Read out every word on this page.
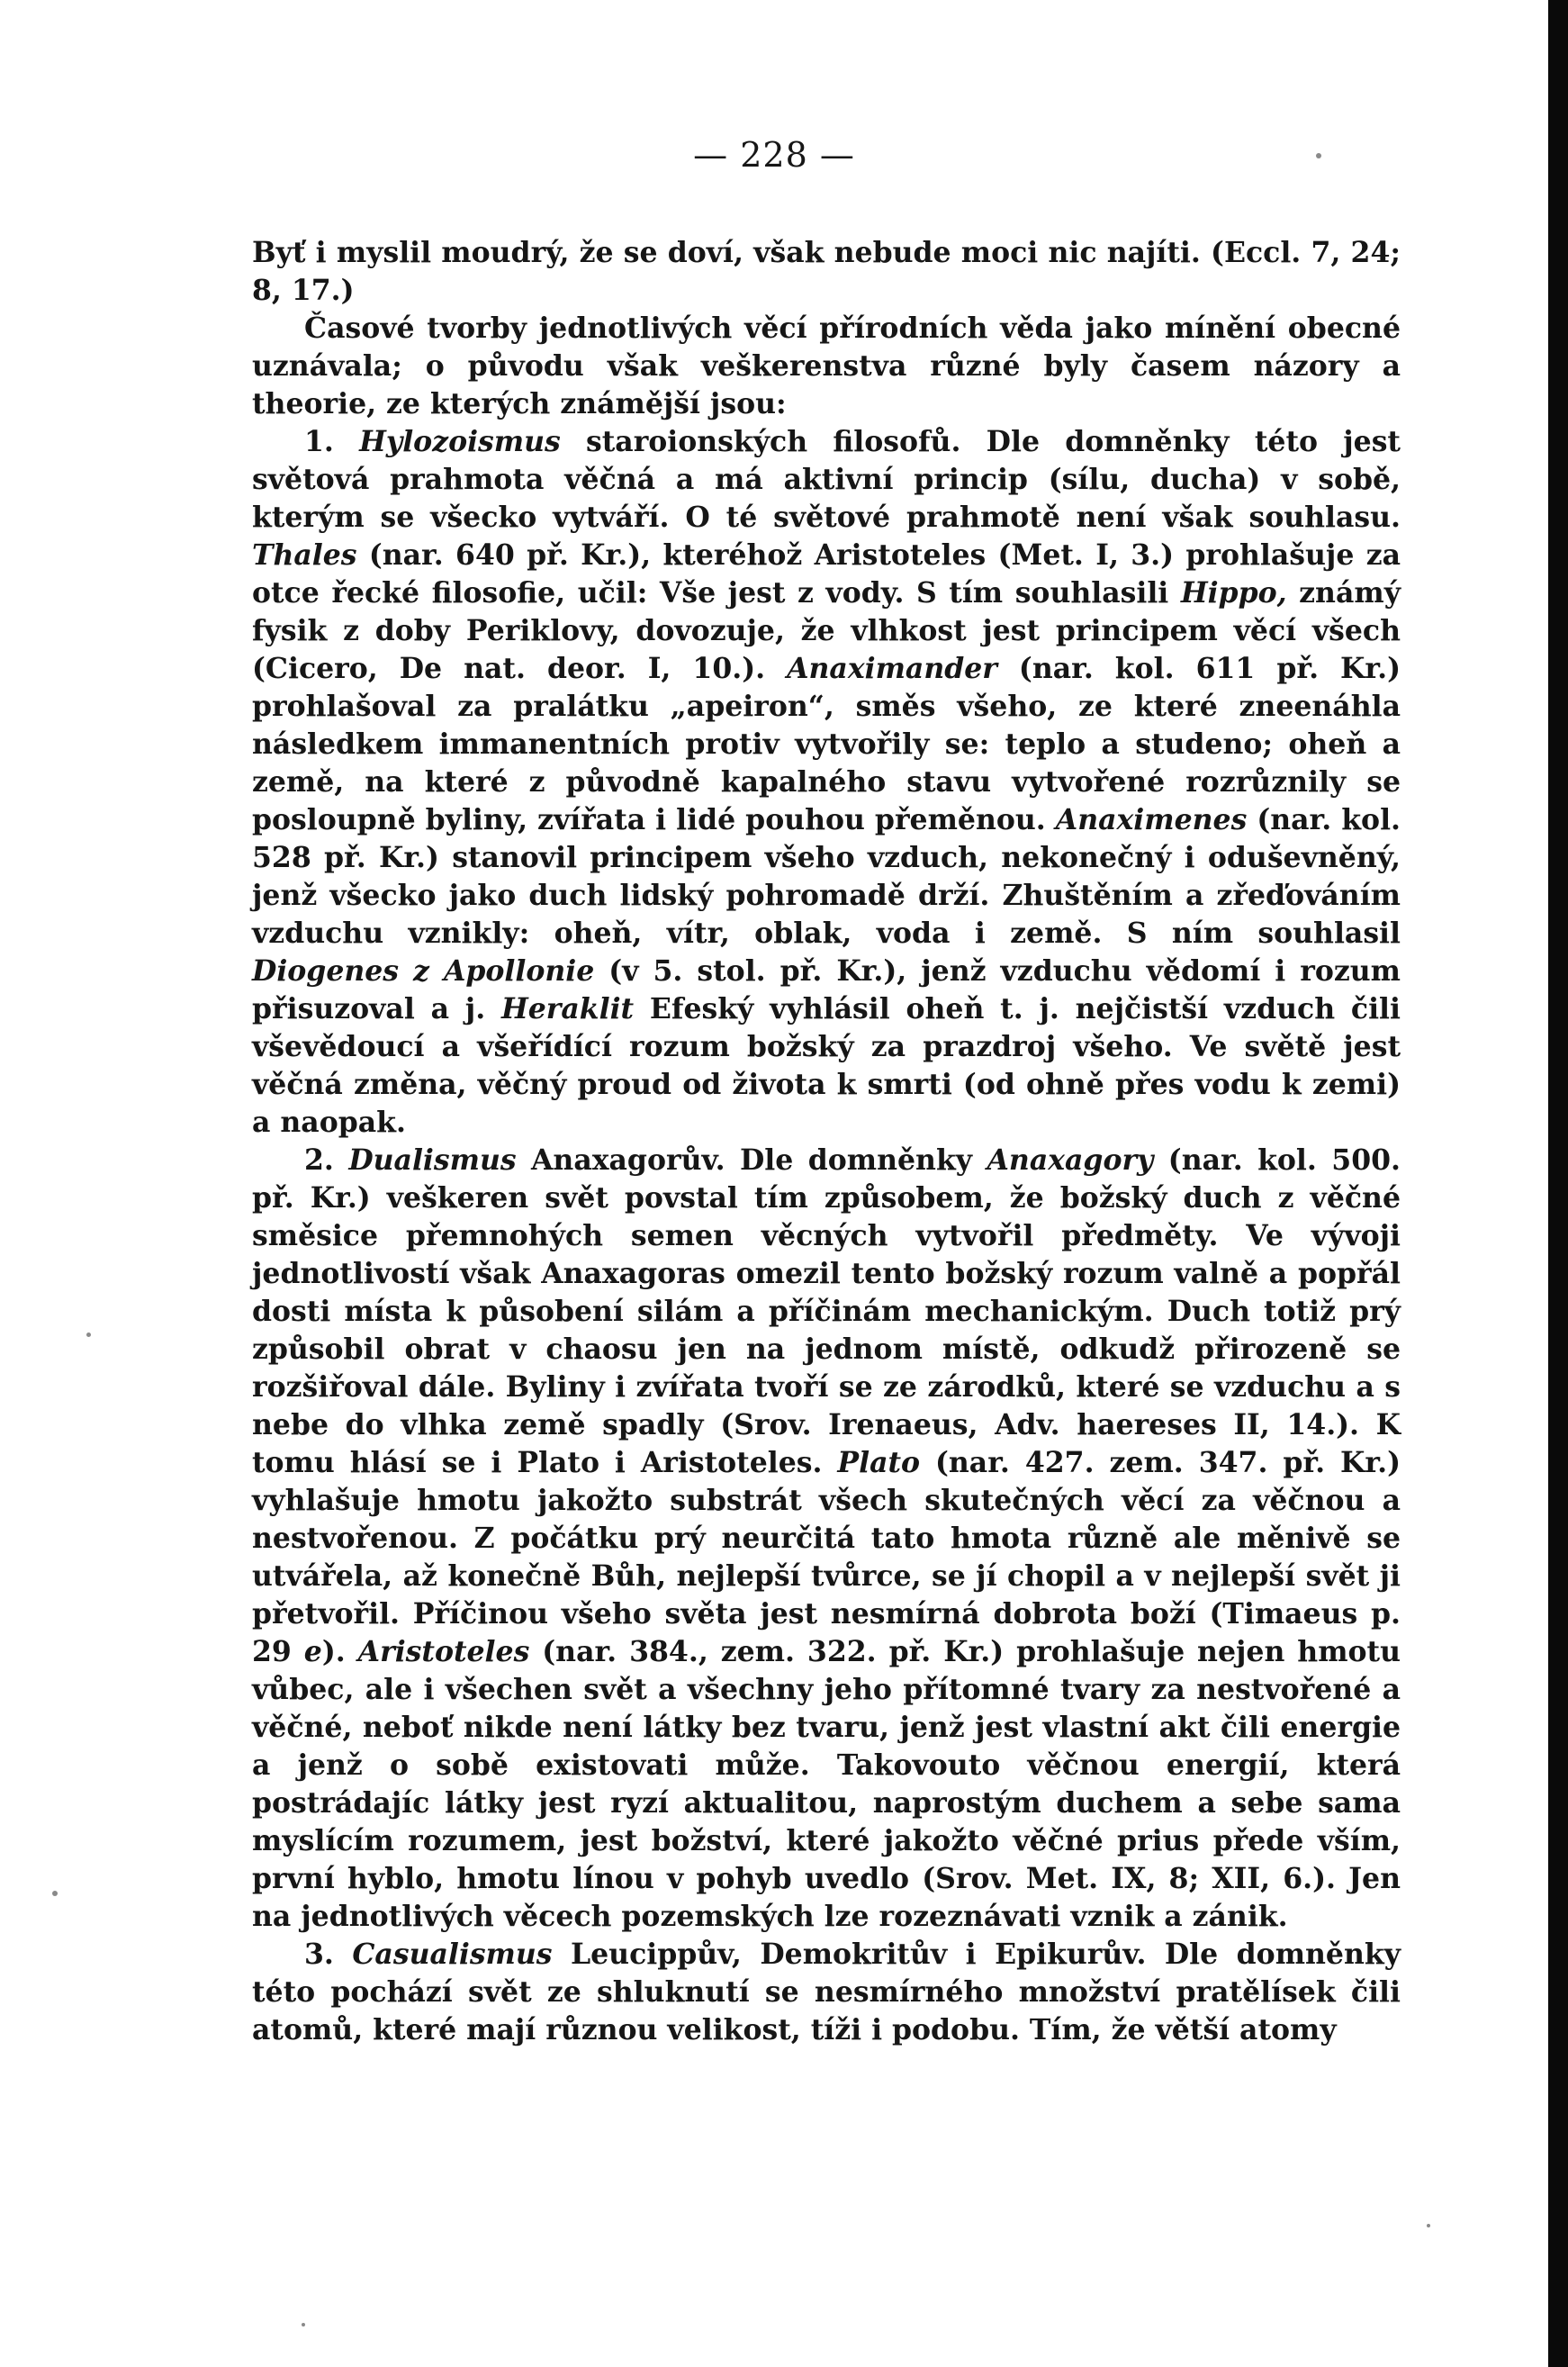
— 228 —

Byť i myslil moudrý, že se doví, však nebude moci nic najíti. (Eccl. 7, 24; 8, 17.)

Časové tvorby jednotlivých věcí přírodních věda jako mínění obecné uznávala; o původu však veškerenstva různé byly časem názory a theorie, ze kterých známější jsou:

1. Hylozoismus staroionských filosofů. Dle domněnky této jest světová prahmota věčná a má aktivní princip (sílu, ducha) v sobě, kterým se všecko vytváří. O té světové prahmotě není však souhlasu. Thales (nar. 640 př. Kr.), kteréhož Aristoteles (Met. I, 3.) prohlašuje za otce řecké filosofie, učil: Vše jest z vody. S tím souhlasili Hippo, známý fysik z doby Periklovy, dovozuje, že vlhkost jest principem věcí všech (Cicero, De nat. deor. I, 10.). Anaximander (nar. kol. 611 př. Kr.) prohlašoval za pralátku „apeiron“, směs všeho, ze které zneenáhla následkem immanentních protiv vytvořily se: teplo a studeno; oheň a země, na které z původně kapalného stavu vytvořené rozrůznily se posloupně byliny, zvířata i lidé pouhou přeměnou. Anaximenes (nar. kol. 528 př. Kr.) stanovil principem všeho vzduch, nekonečný i oduševněný, jenž všecko jako duch lidský pohromadě drží. Zhuštěním a zřeďováním vzduchu vznikly: oheň, vítr, oblak, voda i země. S ním souhlasil Diogenes z Apollonie (v 5. stol. př. Kr.), jenž vzduchu vědomí i rozum přisuzoval a j. Heraklit Efeský vyhlásil oheň t. j. nejčistší vzduch čili vševědoucí a všeřídící rozum božský za prazdroj všeho. Ve světě jest věčná změna, věčný proud od života k smrti (od ohně přes vodu k zemi) a naopak.

2. Dualismus Anaxagorův. Dle domněnky Anaxagory (nar. kol. 500. př. Kr.) veškeren svět povstal tím způsobem, že božský duch z věčné směsice přemnohých semen věcných vytvořil předměty. Ve vývoji jednotlivostí však Anaxagoras omezil tento božský rozum valně a popřál dosti místa k působení silám a příčinám mechanickým. Duch totiž prý způsobil obrat v chaosu jen na jednom místě, odkudž přirozeně se rozšiřoval dále. Byliny i zvířata tvoří se ze zárodků, které se vzduchu a s nebe do vlhka země spadly (Srov. Irenaeus, Adv. haereses II, 14.). K tomu hlásí se i Plato i Aristoteles. Plato (nar. 427. zem. 347. př. Kr.) vyhlašuje hmotu jakožto substrát všech skutečných věcí za věčnou a nestvořenou. Z počátku prý neurčitá tato hmota různě ale měnivě se utvářela, až konečně Bůh, nejlepší tvůrce, se jí chopil a v nejlepší svět ji přetvořil. Příčinou všeho světa jest nesmírná dobrota boží (Timaeus p. 29 e). Aristoteles (nar. 384., zem. 322. př. Kr.) prohlašuje nejen hmotu vůbec, ale i všechen svět a všechny jeho přítomné tvary za nestvořené a věčné, neboť nikde není látky bez tvaru, jenž jest vlastní akt čili energie a jenž o sobě existovati může. Takovouto věčnou energií, která postrádajíc látky jest ryzí aktualitou, naprostým duchem a sebe sama myslícím rozumem, jest božství, které jakožto věčné prius přede vším, první hyblo, hmotu línou v pohyb uvedlo (Srov. Met. IX, 8; XII, 6.). Jen na jednotlivých věcech pozemských lze rozeznávati vznik a zánik.

3. Casualismus Leucippův, Demokritův i Epikurův. Dle domněnky této pochází svět ze shluknutí se nesmírného množství pratělísek čili atomů, které mají různou velikost, tíži i podobu. Tím, že větší atomy
